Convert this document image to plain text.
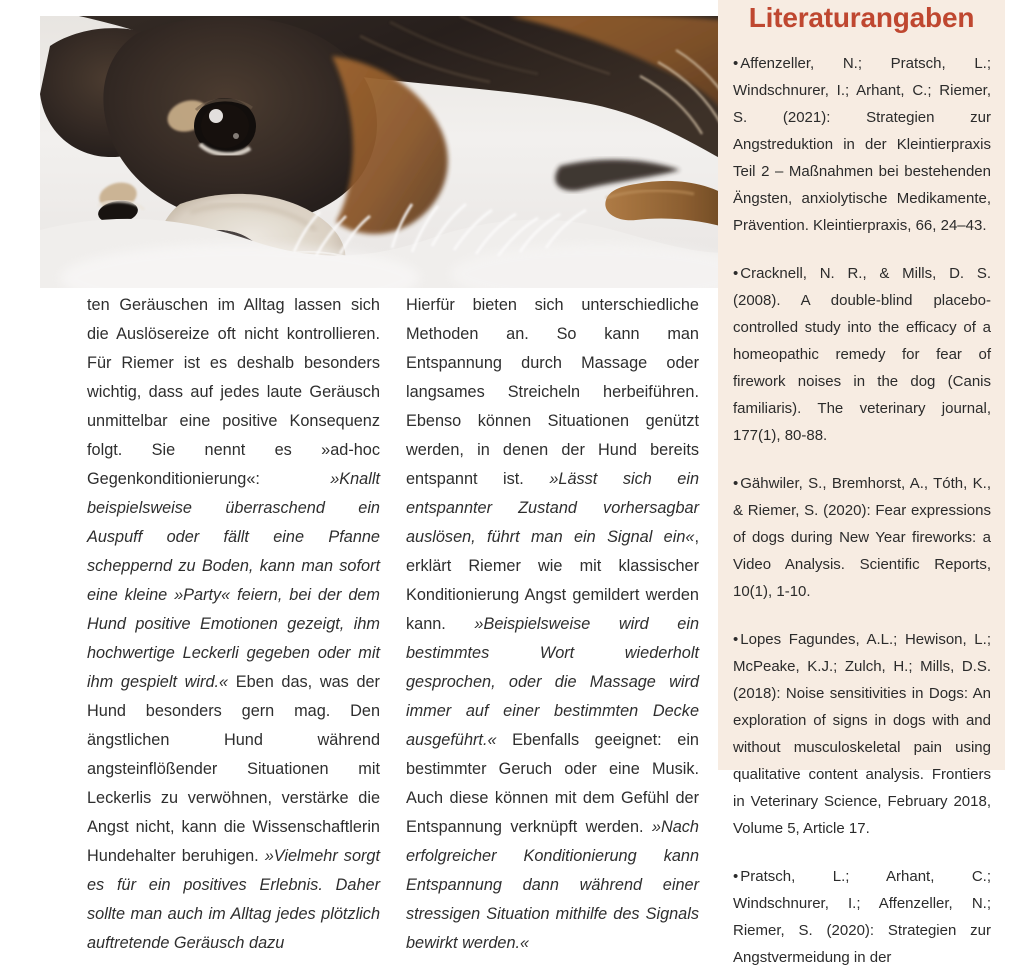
ten Geräuschen im Alltag lassen sich die Auslösereize oft nicht kontrollieren. Für Riemer ist es deshalb besonders wichtig, dass auf jedes laute Geräusch unmittelbar eine positive Konsequenz folgt. Sie nennt es »ad-hoc Gegenkonditionierung«: »Knallt beispielsweise überraschend ein Auspuff oder fällt eine Pfanne scheppernd zu Boden, kann man sofort eine kleine »Party« feiern, bei der dem Hund positive Emotionen gezeigt, ihm hochwertige Leckerli gegeben oder mit ihm gespielt wird.« Eben das, was der Hund besonders gern mag. Den ängstlichen Hund während angsteinflößender Situationen mit Leckerlis zu verwöhnen, verstärke die Angst nicht, kann die Wissenschaftlerin Hundehalter beruhigen. »Vielmehr sorgt es für ein positives Erlebnis. Daher sollte man auch im Alltag jedes plötzlich auftretende Geräusch dazu

Hierfür bieten sich unterschiedliche Methoden an. So kann man Entspannung durch Massage oder langsames Streicheln herbeiführen. Ebenso können Situationen genützt werden, in denen der Hund bereits entspannt ist. »Lässt sich ein entspannter Zustand vorhersagbar auslösen, führt man ein Signal ein«, erklärt Riemer wie mit klassischer Konditionierung Angst gemildert werden kann. »Beispielsweise wird ein bestimmtes Wort wiederholt gesprochen, oder die Massage wird immer auf einer bestimmten Decke ausgeführt.« Ebenfalls geeignet: ein bestimmter Geruch oder eine Musik. Auch diese können mit dem Gefühl der Entspannung verknüpft werden. »Nach erfolgreicher Konditionierung kann Entspannung dann während einer stressigen Situation mithilfe des Signals bewirkt werden.«

Literaturangaben

• Affenzeller, N.; Pratsch, L.; Windschnurer, I.; Arhant, C.; Riemer, S. (2021): Strategien zur Angstreduktion in der Kleintierpraxis Teil 2 – Maßnahmen bei bestehenden Ängsten, anxiolytische Medikamente, Prävention. Kleintierpraxis, 66, 24–43.

• Cracknell, N. R., & Mills, D. S. (2008). A double-blind placebo-controlled study into the efficacy of a homeopathic remedy for fear of firework noises in the dog (Canis familiaris). The veterinary journal, 177(1), 80-88.

• Gähwiler, S., Bremhorst, A., Tóth, K., & Riemer, S. (2020): Fear expressions of dogs during New Year fireworks: a Video Analysis. Scientific Reports, 10(1), 1-10.

• Lopes Fagundes, A.L.; Hewison, L.; McPeake, K.J.; Zulch, H.; Mills, D.S. (2018): Noise sensitivities in Dogs: An exploration of signs in dogs with and without musculoskeletal pain using qualitative content analysis. Frontiers in Veterinary Science, February 2018, Volume 5, Article 17.

• Pratsch, L.; Arhant, C.; Windschnurer, I.; Affenzeller, N.; Riemer, S. (2020): Strategien zur Angstvermeidung in der
